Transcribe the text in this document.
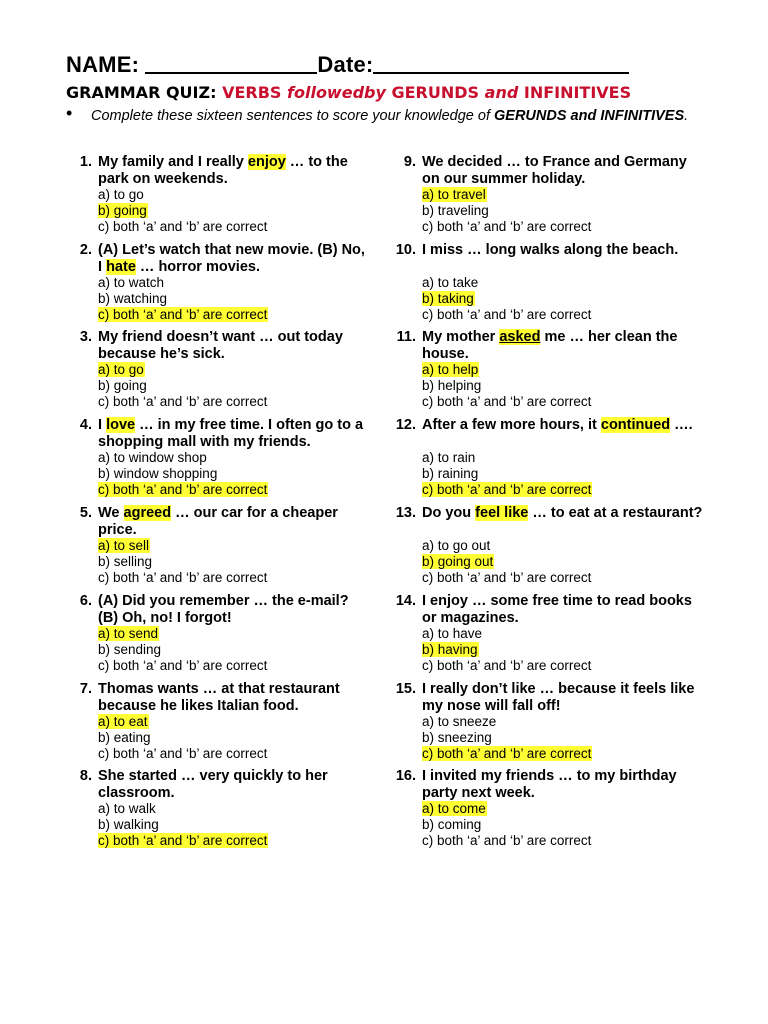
NAME:	Date:
GRAMMAR QUIZ: VERBS followedby GERUNDS and INFINITIVES
• Complete these sixteen sentences to score your knowledge of GERUNDS and INFINITIVES.
1. My family and I really enjoy … to the park on weekends.
a) to go
b) going
c) both ‘a’ and ‘b’ are correct
2. (A) Let’s watch that new movie. (B) No, I hate … horror movies.
a) to watch
b) watching
c) both ‘a’ and ‘b’ are correct
3. My friend doesn’t want … out today because he’s sick.
a) to go
b) going
c) both ‘a’ and ‘b’ are correct
4. I love … in my free time. I often go to a shopping mall with my friends.
a) to window shop
b) window shopping
c) both ‘a’ and ‘b’ are correct
5. We agreed … our car for a cheaper price.
a) to sell
b) selling
c) both ‘a’ and ‘b’ are correct
6. (A) Did you remember … the e-mail? (B) Oh, no! I forgot!
a) to send
b) sending
c) both ‘a’ and ‘b’ are correct
7. Thomas wants … at that restaurant because he likes Italian food.
a) to eat
b) eating
c) both ‘a’ and ‘b’ are correct
8. She started … very quickly to her classroom.
a) to walk
b) walking
c) both ‘a’ and ‘b’ are correct
9. We decided … to France and Germany on our summer holiday.
a) to travel
b) traveling
c) both ‘a’ and ‘b’ are correct
10. I miss … long walks along the beach.
a) to take
b) taking
c) both ‘a’ and ‘b’ are correct
11. My mother asked me … her clean the house.
a) to help
b) helping
c) both ‘a’ and ‘b’ are correct
12. After a few more hours, it continued ….
a) to rain
b) raining
c) both ‘a’ and ‘b’ are correct
13. Do you feel like … to eat at a restaurant?
a) to go out
b) going out
c) both ‘a’ and ‘b’ are correct
14. I enjoy … some free time to read books or magazines.
a) to have
b) having
c) both ‘a’ and ‘b’ are correct
15. I really don’t like … because it feels like my nose will fall off!
a) to sneeze
b) sneezing
c) both ‘a’ and ‘b’ are correct
16. I invited my friends … to my birthday party next week.
a) to come
b) coming
c) both ‘a’ and ‘b’ are correct
